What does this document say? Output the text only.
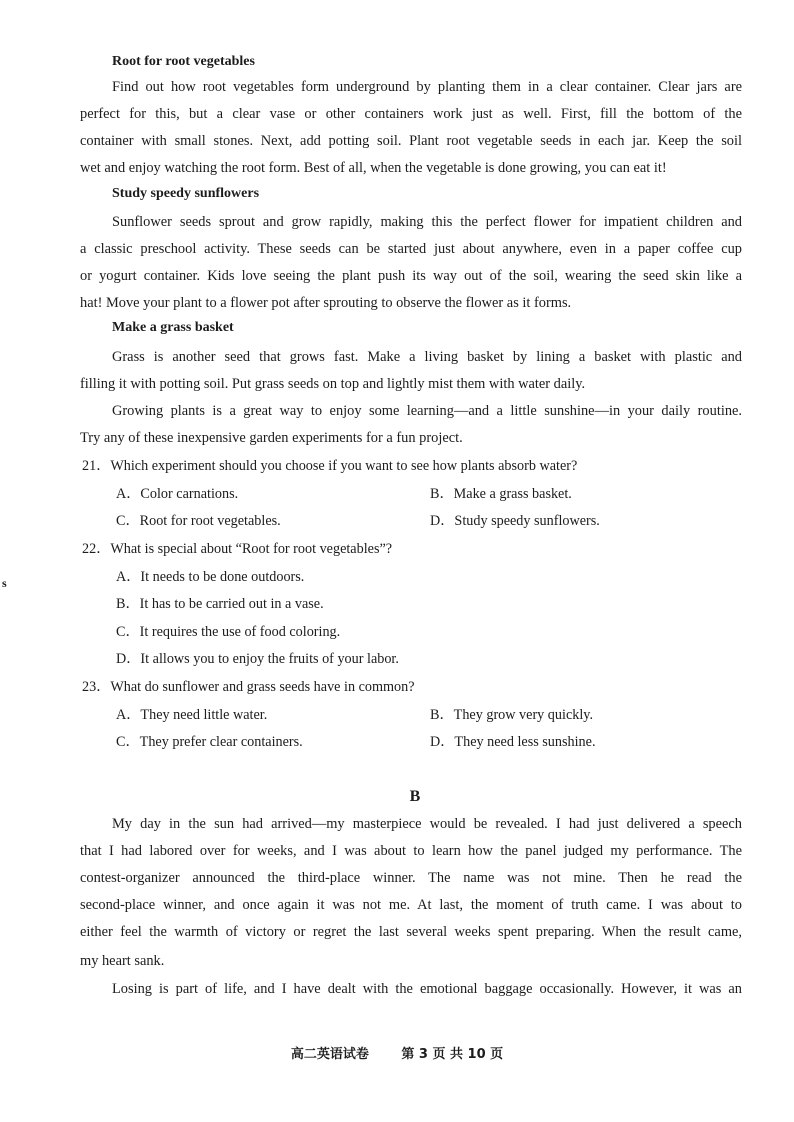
Root for root vegetables
Find out how root vegetables form underground by planting them in a clear container. Clear jars are
perfect for this, but a clear vase or other containers work just as well. First, fill the bottom of the
container with small stones. Next, add potting soil. Plant root vegetable seeds in each jar. Keep the soil
wet and enjoy watching the root form. Best of all, when the vegetable is done growing, you can eat it!
Study speedy sunflowers
Sunflower seeds sprout and grow rapidly, making this the perfect flower for impatient children and
a classic preschool activity. These seeds can be started just about anywhere, even in a paper coffee cup
or yogurt container. Kids love seeing the plant push its way out of the soil, wearing the seed skin like a
hat! Move your plant to a flower pot after sprouting to observe the flower as it forms.
Make a grass basket
Grass is another seed that grows fast. Make a living basket by lining a basket with plastic and
filling it with potting soil. Put grass seeds on top and lightly mist them with water daily.
Growing plants is a great way to enjoy some learning—and a little sunshine—in your daily routine.
Try any of these inexpensive garden experiments for a fun project.
21．Which experiment should you choose if you want to see how plants absorb water?
A．Color carnations.	B．Make a grass basket.
C．Root for root vegetables.	D．Study speedy sunflowers.
22．What is special about “Root for root vegetables”?
A．It needs to be done outdoors.
B．It has to be carried out in a vase.
C．It requires the use of food coloring.
D．It allows you to enjoy the fruits of your labor.
23．What do sunflower and grass seeds have in common?
A．They need little water.	B．They grow very quickly.
C．They prefer clear containers.	D．They need less sunshine.
B
My day in the sun had arrived—my masterpiece would be revealed. I had just delivered a speech
that I had labored over for weeks, and I was about to learn how the panel judged my performance. The
contest-organizer announced the third-place winner. The name was not mine. Then he read the
second-place winner, and once again it was not me. At last, the moment of truth came. I was about to
either feel the warmth of victory or regret the last several weeks spent preparing. When the result came,
my heart sank.
Losing is part of life, and I have dealt with the emotional baggage occasionally. However, it was an
s
高二英语试卷	第 3 页 共 10 页
